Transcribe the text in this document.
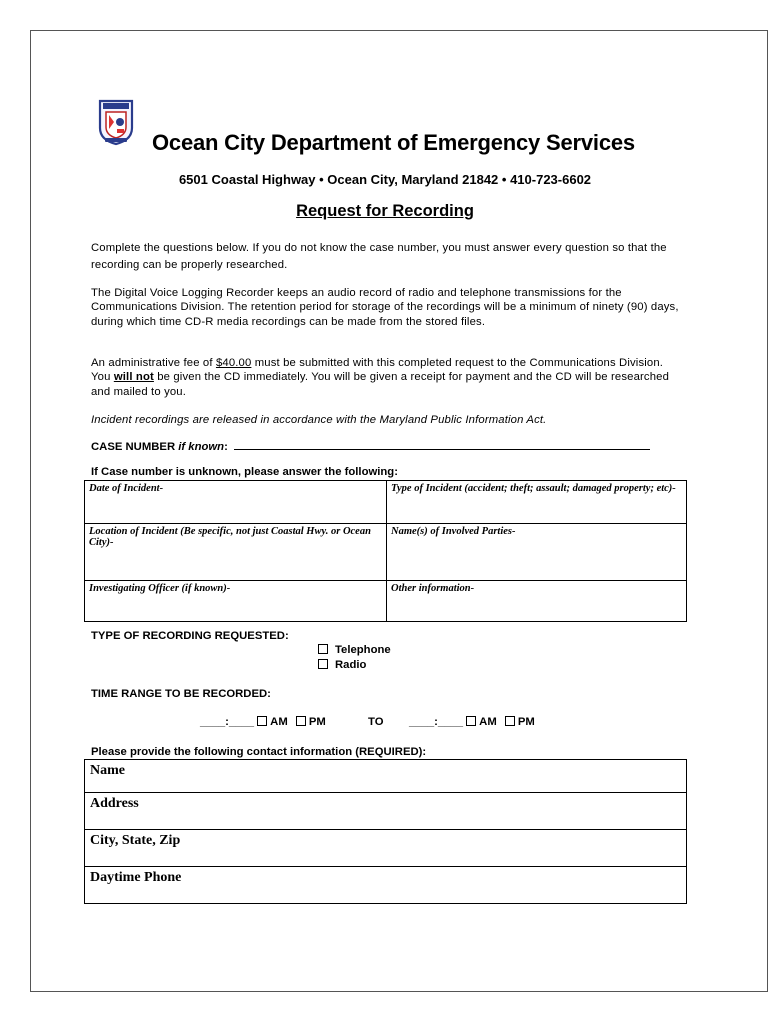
Ocean City Department of Emergency Services
6501 Coastal Highway • Ocean City, Maryland 21842 • 410-723-6602
Request for Recording
Complete the questions below. If you do not know the case number, you must answer every question so that the recording can be properly researched.
The Digital Voice Logging Recorder keeps an audio record of radio and telephone transmissions for the Communications Division. The retention period for storage of the recordings will be a minimum of ninety (90) days, during which time CD-R media recordings can be made from the stored files.
An administrative fee of $40.00 must be submitted with this completed request to the Communications Division. You will not be given the CD immediately. You will be given a receipt for payment and the CD will be researched and mailed to you.
Incident recordings are released in accordance with the Maryland Public Information Act.
CASE NUMBER if known:
If Case number is unknown, please answer the following:
Date of Incident-	Type of Incident (accident; theft; assault; damaged property; etc)-
Location of Incident (Be specific, not just Coastal Hwy. or Ocean City)-	Name(s) of Involved Parties-
Investigating Officer (if known)-	Other information-
TYPE OF RECORDING REQUESTED:
Telephone
Radio
TIME RANGE TO BE RECORDED:
____:____ AM PM	TO ____:____ AM PM
Please provide the following contact information (REQUIRED):
Name
Address
City, State, Zip
Daytime Phone
